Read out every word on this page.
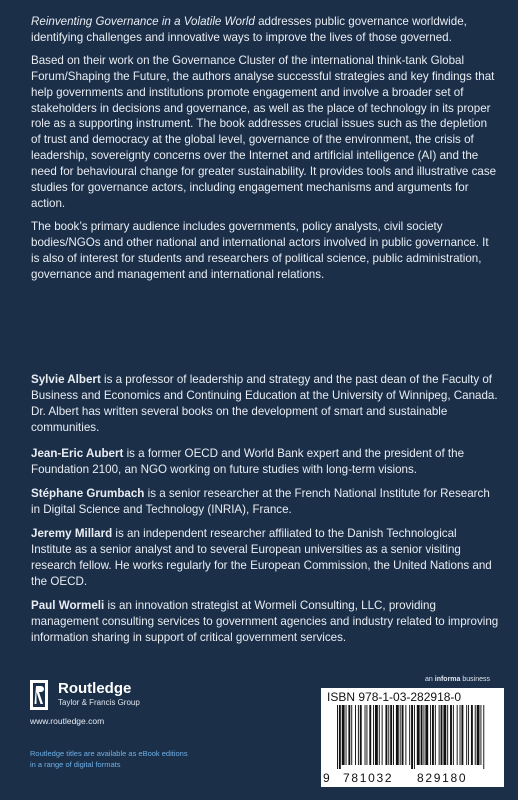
Reinventing Governance in a Volatile World addresses public governance worldwide, identifying challenges and innovative ways to improve the lives of those governed.

Based on their work on the Governance Cluster of the international think-tank Global Forum/Shaping the Future, the authors analyse successful strategies and key findings that help governments and institutions promote engagement and involve a broader set of stakeholders in decisions and governance, as well as the place of technology in its proper role as a supporting instrument. The book addresses crucial issues such as the depletion of trust and democracy at the global level, governance of the environment, the crisis of leadership, sovereignty concerns over the Internet and artificial intelligence (AI) and the need for behavioural change for greater sustainability. It provides tools and illustrative case studies for governance actors, including engagement mechanisms and arguments for action.

The book’s primary audience includes governments, policy analysts, civil society bodies/NGOs and other national and international actors involved in public governance. It is also of interest for students and researchers of political science, public administration, governance and management and international relations.

Sylvie Albert is a professor of leadership and strategy and the past dean of the Faculty of Business and Economics and Continuing Education at the University of Winnipeg, Canada. Dr. Albert has written several books on the development of smart and sustainable communities.

Jean-Eric Aubert is a former OECD and World Bank expert and the president of the Foundation 2100, an NGO working on future studies with long-term visions.

Stéphane Grumbach is a senior researcher at the French National Institute for Research in Digital Science and Technology (INRIA), France.

Jeremy Millard is an independent researcher affiliated to the Danish Technological Institute as a senior analyst and to several European universities as a senior visiting research fellow. He works regularly for the European Commission, the United Nations and the OECD.

Paul Wormeli is an innovation strategist at Wormeli Consulting, LLC, providing management consulting services to government agencies and industry related to improving information sharing in support of critical government services.

an informa business
Routledge
Taylor & Francis Group
www.routledge.com
Routledge titles are available as eBook editions
in a range of digital formats
ISBN 978-1-03-282918-0
9 781032 829180
